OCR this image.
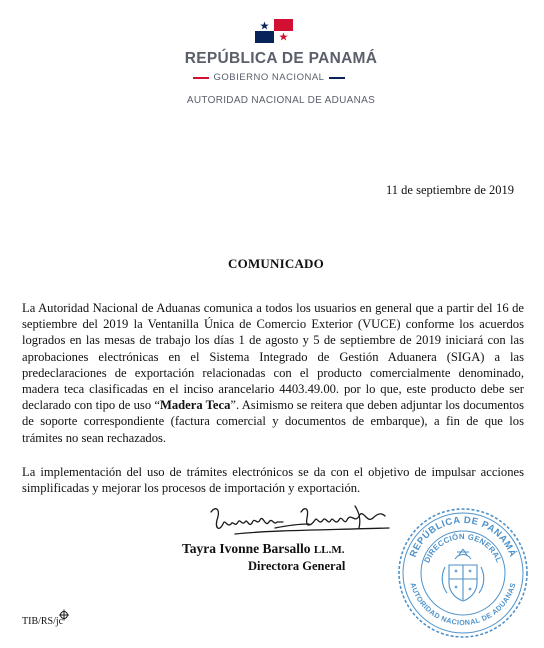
REPÚBLICA DE PANAMÁ
GOBIERNO NACIONAL
AUTORIDAD NACIONAL DE ADUANAS
11 de septiembre de 2019
COMUNICADO

La Autoridad Nacional de Aduanas comunica a todos los usuarios en general que a partir del 16 de septiembre del 2019 la Ventanilla Única de Comercio Exterior (VUCE) conforme los acuerdos logrados en las mesas de trabajo los días 1 de agosto y 5 de septiembre de 2019 iniciará con las aprobaciones electrónicas en el Sistema Integrado de Gestión Aduanera (SIGA) a las predeclaraciones de exportación relacionadas con el producto comercialmente denominado, madera teca clasificadas en el inciso arancelario 4403.49.00. por lo que, este producto debe ser declarado con tipo de uso “Madera Teca”. Asimismo se reitera que deben adjuntar los documentos de soporte correspondiente (factura comercial y documentos de embarque), a fin de que los trámites no sean rechazados.

La implementación del uso de trámites electrónicos se da con el objetivo de impulsar acciones simplificadas y mejorar los procesos de importación y exportación.

Tayra Ivonne Barsallo LL.M.
Directora General
REPÚBLICA DE PANAMÁ
DIRECCIÓN GENERAL
AUTORIDAD NACIONAL DE ADUANAS
TIB/RS/jc
